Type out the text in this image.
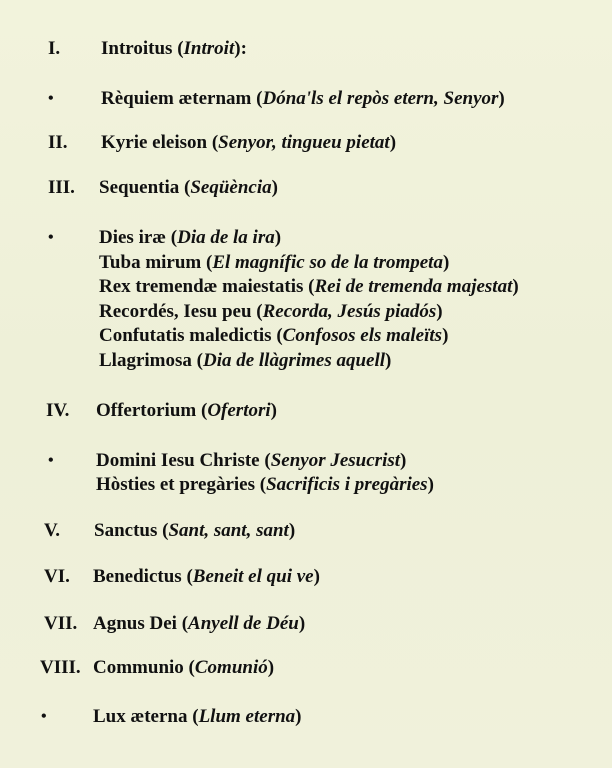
I. Introitus (Introit):
• Rèquiem æternam (Dóna'ls el repòs etern, Senyor)
II. Kyrie eleison (Senyor, tingueu pietat)
III. Sequentia (Seqüència)
• Dies iræ (Dia de la ira)
Tuba mirum (El magnífic so de la trompeta)
Rex tremendæ maiestatis (Rei de tremenda majestat)
Recordés, Iesu peu (Recorda, Jesús piadós)
Confutatis maledictis (Confosos els maleïts)
Llagrimosa (Dia de llàgrimes aquell)
IV. Offertorium (Ofertori)
• Domini Iesu Christe (Senyor Jesucrist)
Hòsties et pregàries (Sacrificis i pregàries)
V. Sanctus (Sant, sant, sant)
VI. Benedictus (Beneit el qui ve)
VII. Agnus Dei (Anyell de Déu)
VIII. Communio (Comunió)
• Lux æterna (Llum eterna)
